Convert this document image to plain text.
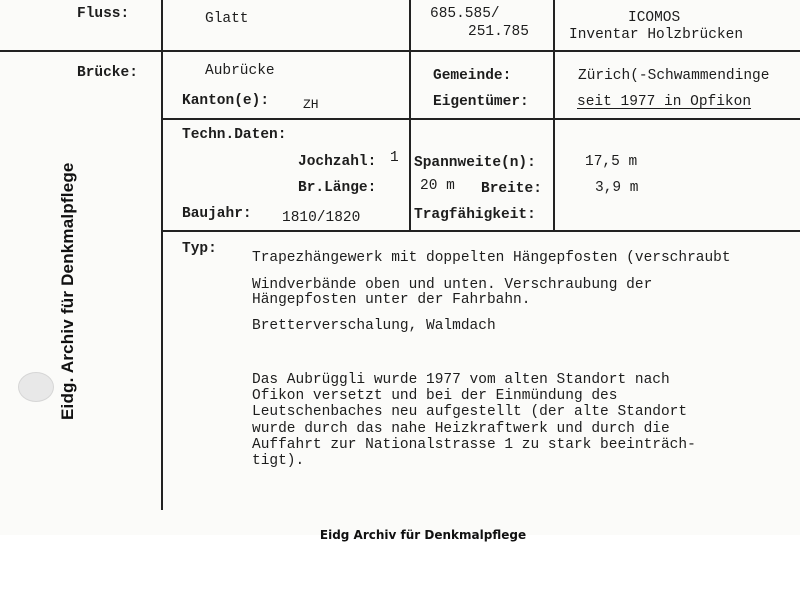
Fluss:	Glatt	685.585/
251.785
ICOMOS
Inventar Holzbrücken
Brücke:	Aubrücke
Kanton(e):	ZH
Gemeinde:	Zürich(-Schwammendinge
Eigentümer:	seit 1977 in Opfikon
Techn.Daten:
Jochzahl: 1
Br.Länge:	20 m
Baujahr: 1810/1820
Spannweite(n):	17,5 m
Breite:	3,9 m
Tragfähigkeit:
Typ:
Trapezhängewerk mit doppelten Hängepfosten (verschraubt
Windverbände oben und unten. Verschraubung der
Hängepfosten unter der Fahrbahn.
Bretterverschalung, Walmdach
Das Aubrüggli wurde 1977 vom alten Standort nach
Ofikon versetzt und bei der Einmündung des
Leutschenbaches neu aufgestellt (der alte Standort
wurde durch das nahe Heizkraftwerk und durch die
Auffahrt zur Nationalstrasse 1 zu stark beeinträch-
tigt).
Eidg. Archiv für Denkmalpflege
Eidg Archiv für Denkmalpflege
